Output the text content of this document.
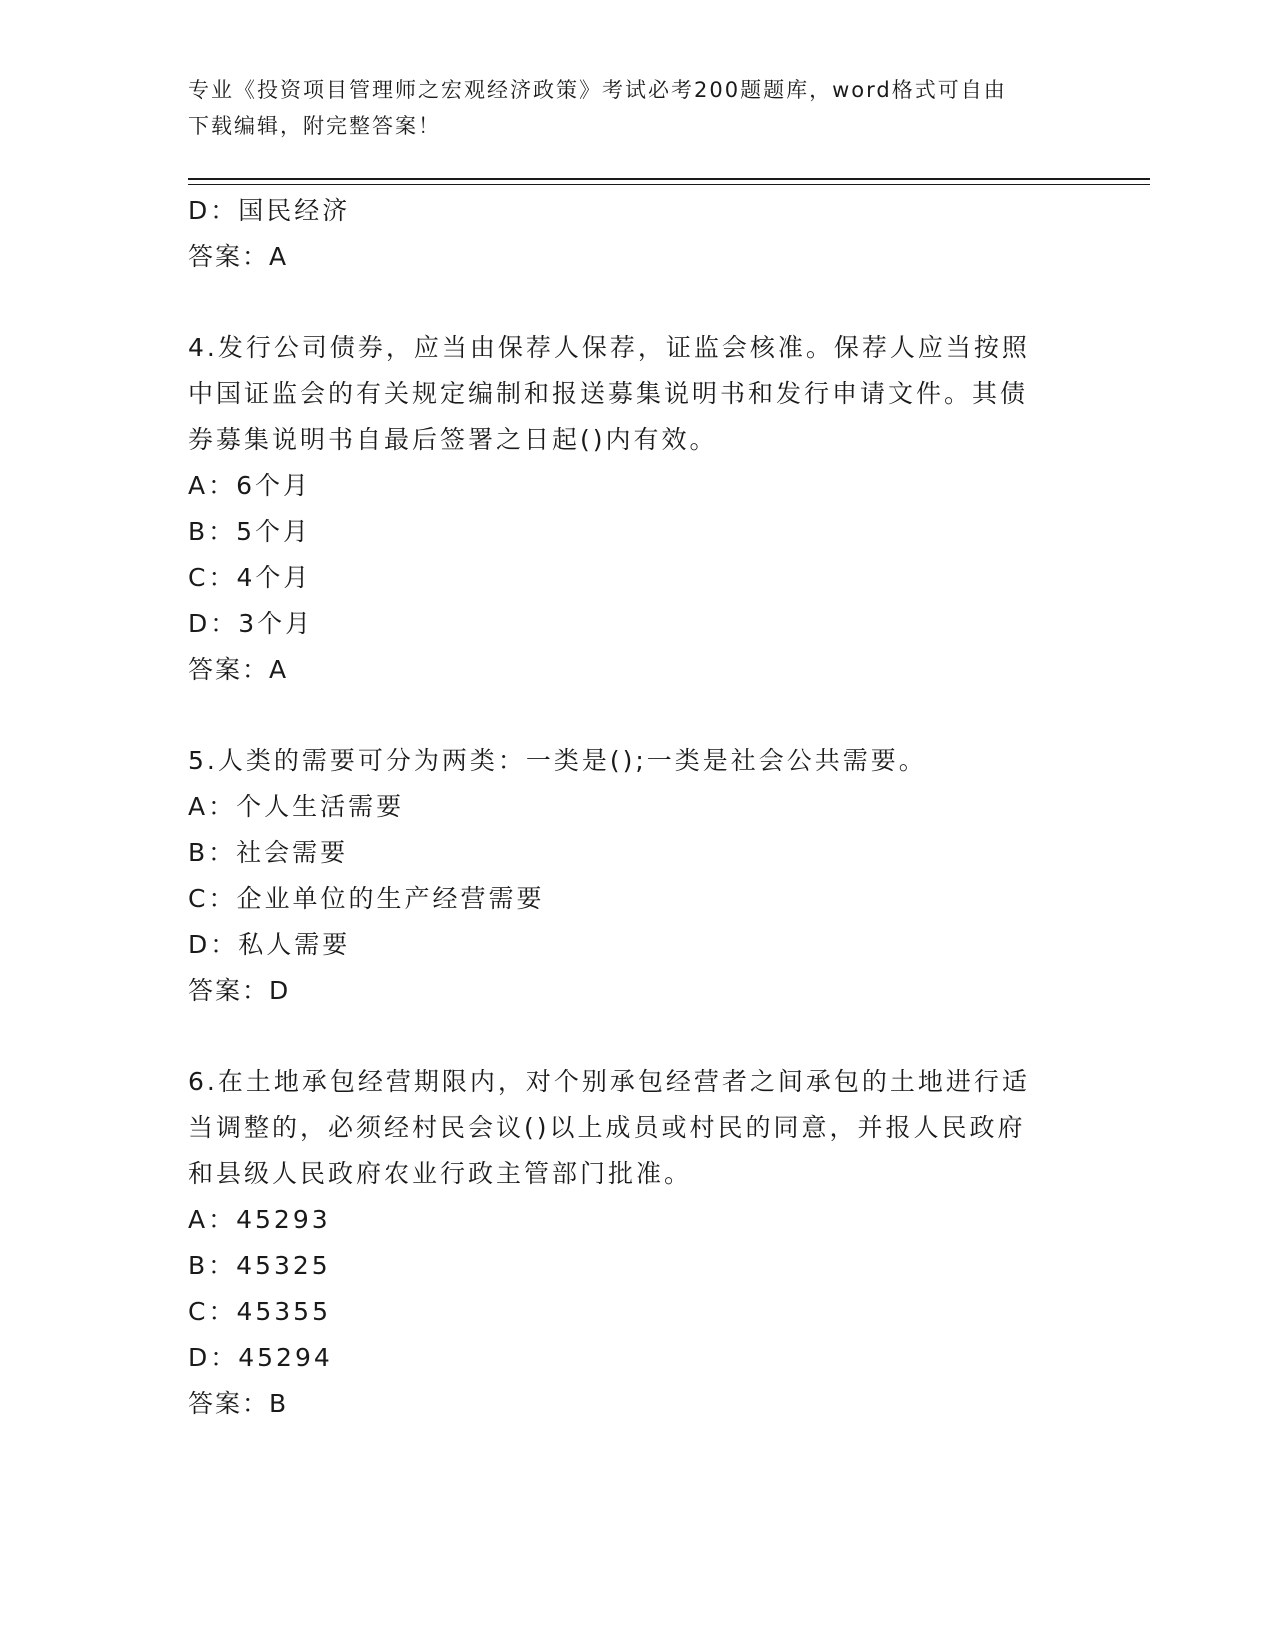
专业《投资项目管理师之宏观经济政策》考试必考200题题库，word格式可自由
下载编辑，附完整答案！
D：国民经济
答案：A
4.发行公司债券，应当由保荐人保荐，证监会核准。保荐人应当按照
中国证监会的有关规定编制和报送募集说明书和发行申请文件。其债
券募集说明书自最后签署之日起()内有效。
A：6个月
B：5个月
C：4个月
D：3个月
答案：A
5.人类的需要可分为两类：一类是();一类是社会公共需要。
A：个人生活需要
B：社会需要
C：企业单位的生产经营需要
D：私人需要
答案：D
6.在土地承包经营期限内，对个别承包经营者之间承包的土地进行适
当调整的，必须经村民会议()以上成员或村民的同意，并报人民政府
和县级人民政府农业行政主管部门批准。
A：45293
B：45325
C：45355
D：45294
答案：B
